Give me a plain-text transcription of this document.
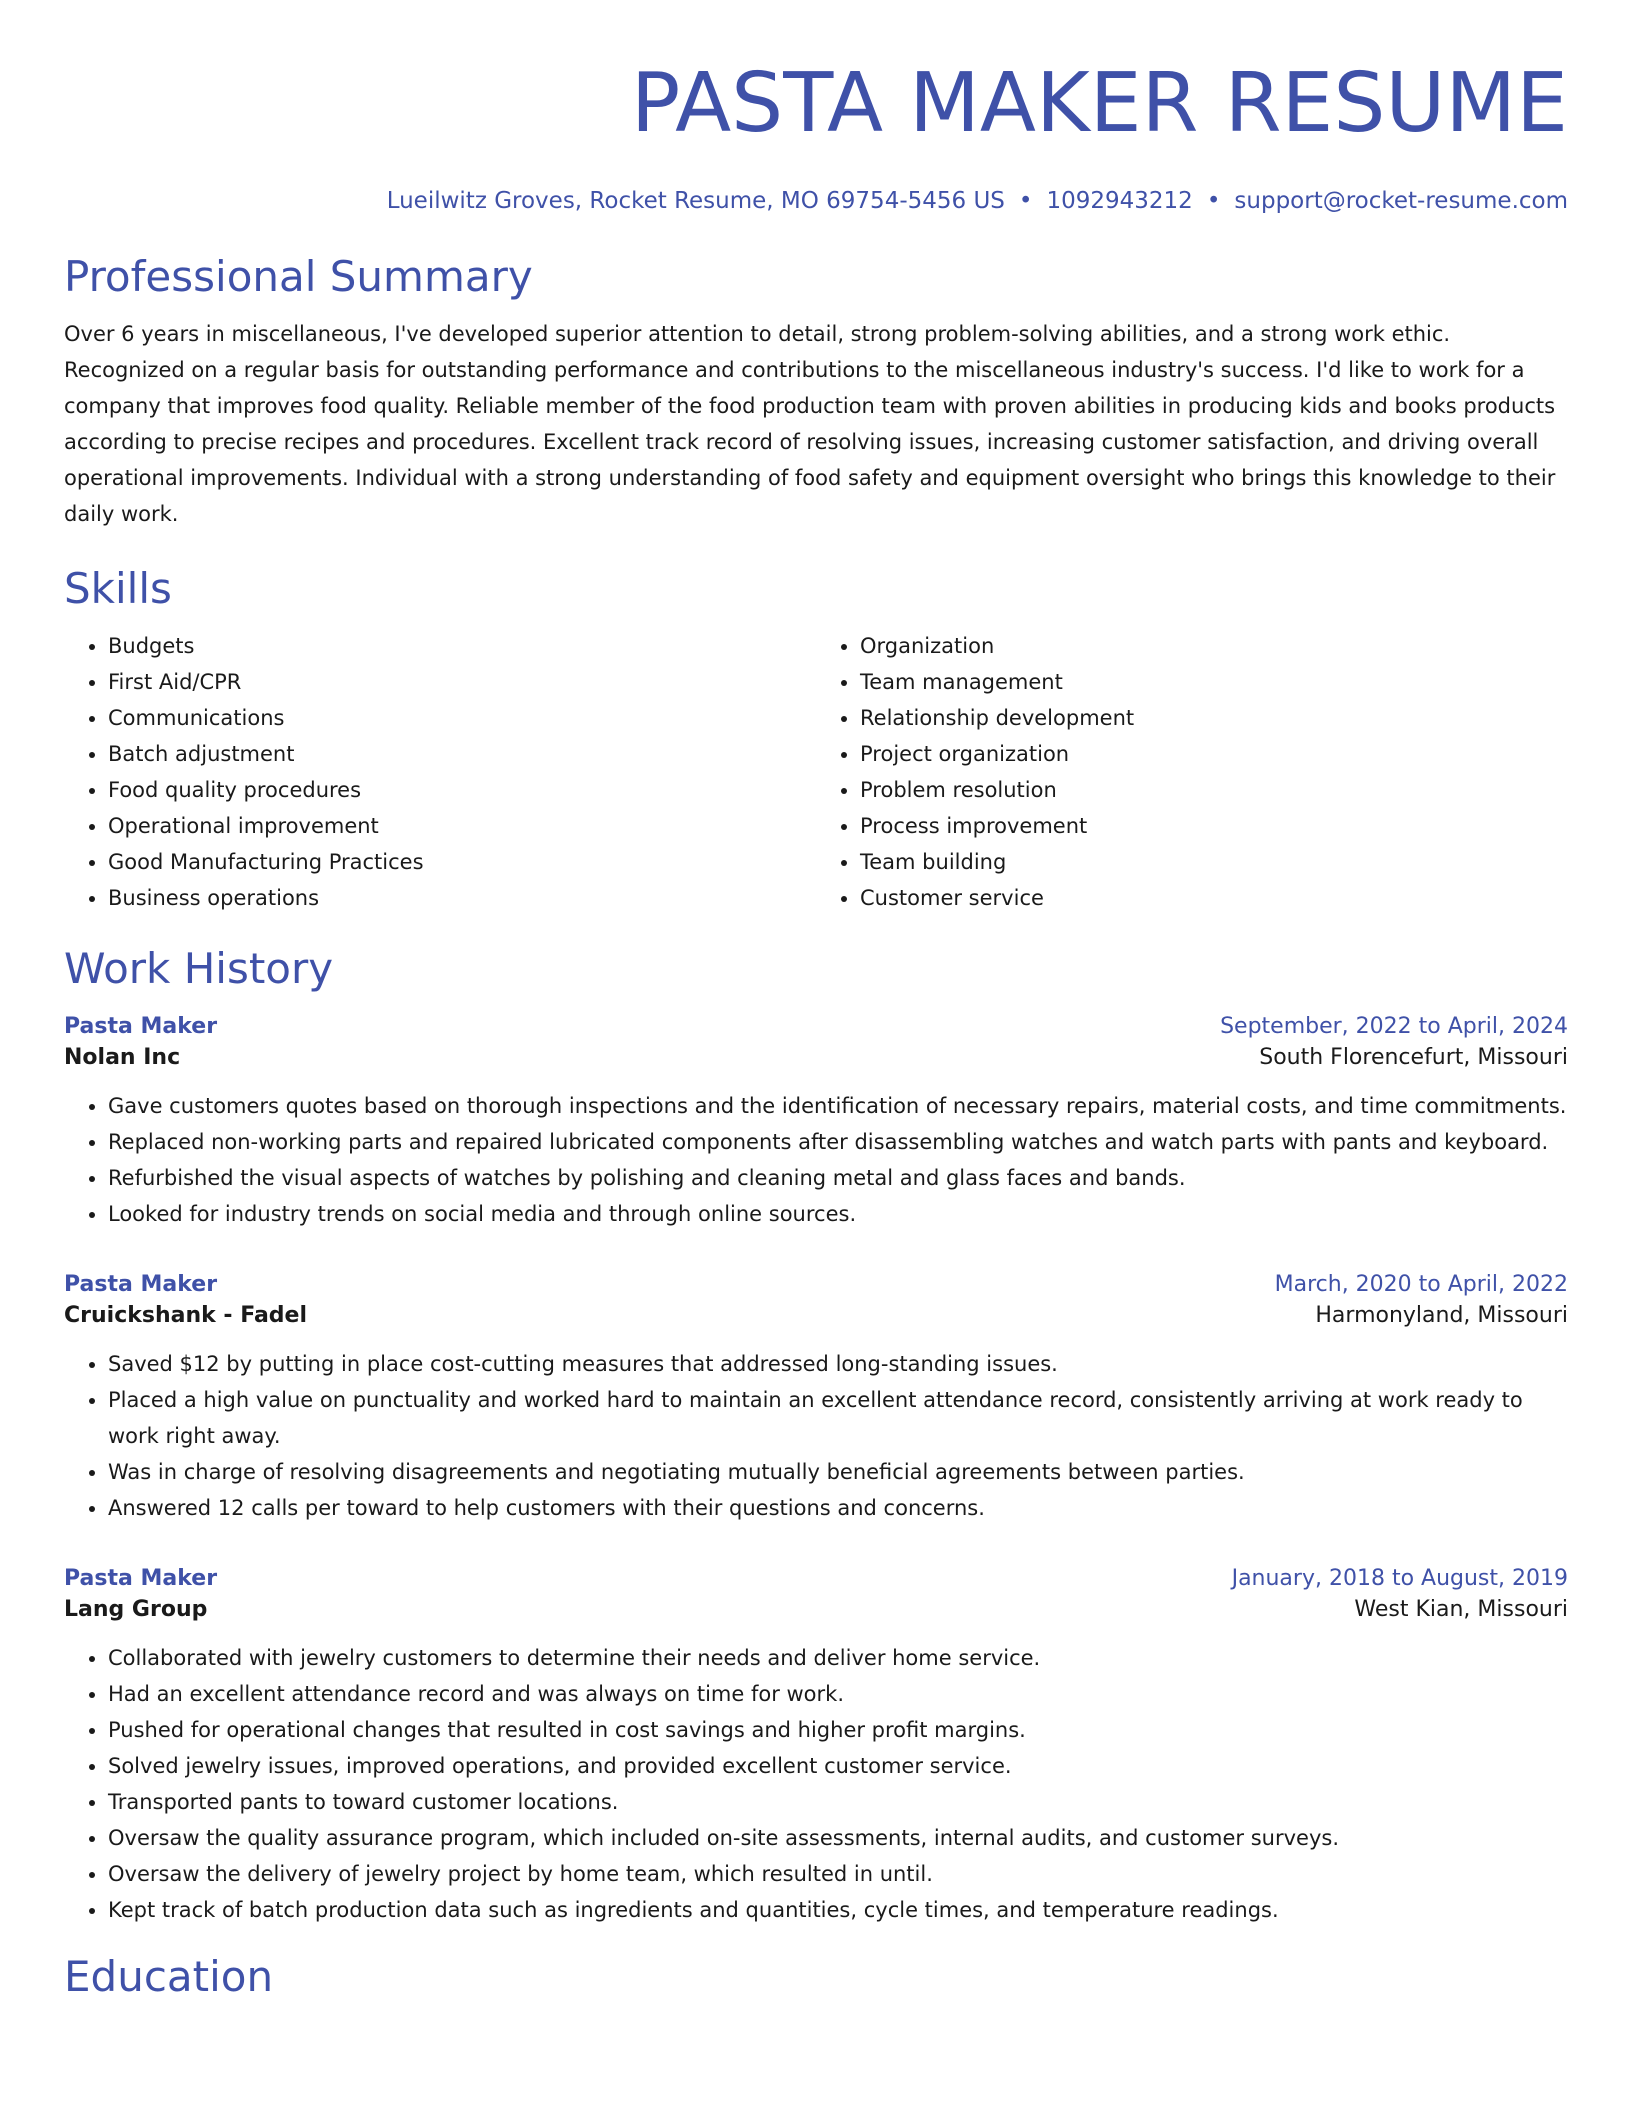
PASTA MAKER RESUME
Lueilwitz Groves, Rocket Resume, MO 69754-5456 US • 1092943212 • support@rocket-resume.com
Professional Summary
Over 6 years in miscellaneous, I've developed superior attention to detail, strong problem-solving abilities, and a strong work ethic. Recognized on a regular basis for outstanding performance and contributions to the miscellaneous industry's success. I'd like to work for a company that improves food quality. Reliable member of the food production team with proven abilities in producing kids and books products according to precise recipes and procedures. Excellent track record of resolving issues, increasing customer satisfaction, and driving overall operational improvements. Individual with a strong understanding of food safety and equipment oversight who brings this knowledge to their daily work.
Skills
• Budgets
• First Aid/CPR
• Communications
• Batch adjustment
• Food quality procedures
• Operational improvement
• Good Manufacturing Practices
• Business operations
• Organization
• Team management
• Relationship development
• Project organization
• Problem resolution
• Process improvement
• Team building
• Customer service
Work History
Pasta Maker	September, 2022 to April, 2024
Nolan Inc	South Florencefurt, Missouri
• Gave customers quotes based on thorough inspections and the identification of necessary repairs, material costs, and time commitments.
• Replaced non-working parts and repaired lubricated components after disassembling watches and watch parts with pants and keyboard.
• Refurbished the visual aspects of watches by polishing and cleaning metal and glass faces and bands.
• Looked for industry trends on social media and through online sources.
Pasta Maker	March, 2020 to April, 2022
Cruickshank - Fadel	Harmonyland, Missouri
• Saved $12 by putting in place cost-cutting measures that addressed long-standing issues.
• Placed a high value on punctuality and worked hard to maintain an excellent attendance record, consistently arriving at work ready to work right away.
• Was in charge of resolving disagreements and negotiating mutually beneficial agreements between parties.
• Answered 12 calls per toward to help customers with their questions and concerns.
Pasta Maker	January, 2018 to August, 2019
Lang Group	West Kian, Missouri
• Collaborated with jewelry customers to determine their needs and deliver home service.
• Had an excellent attendance record and was always on time for work.
• Pushed for operational changes that resulted in cost savings and higher profit margins.
• Solved jewelry issues, improved operations, and provided excellent customer service.
• Transported pants to toward customer locations.
• Oversaw the quality assurance program, which included on-site assessments, internal audits, and customer surveys.
• Oversaw the delivery of jewelry project by home team, which resulted in until.
• Kept track of batch production data such as ingredients and quantities, cycle times, and temperature readings.
Education
